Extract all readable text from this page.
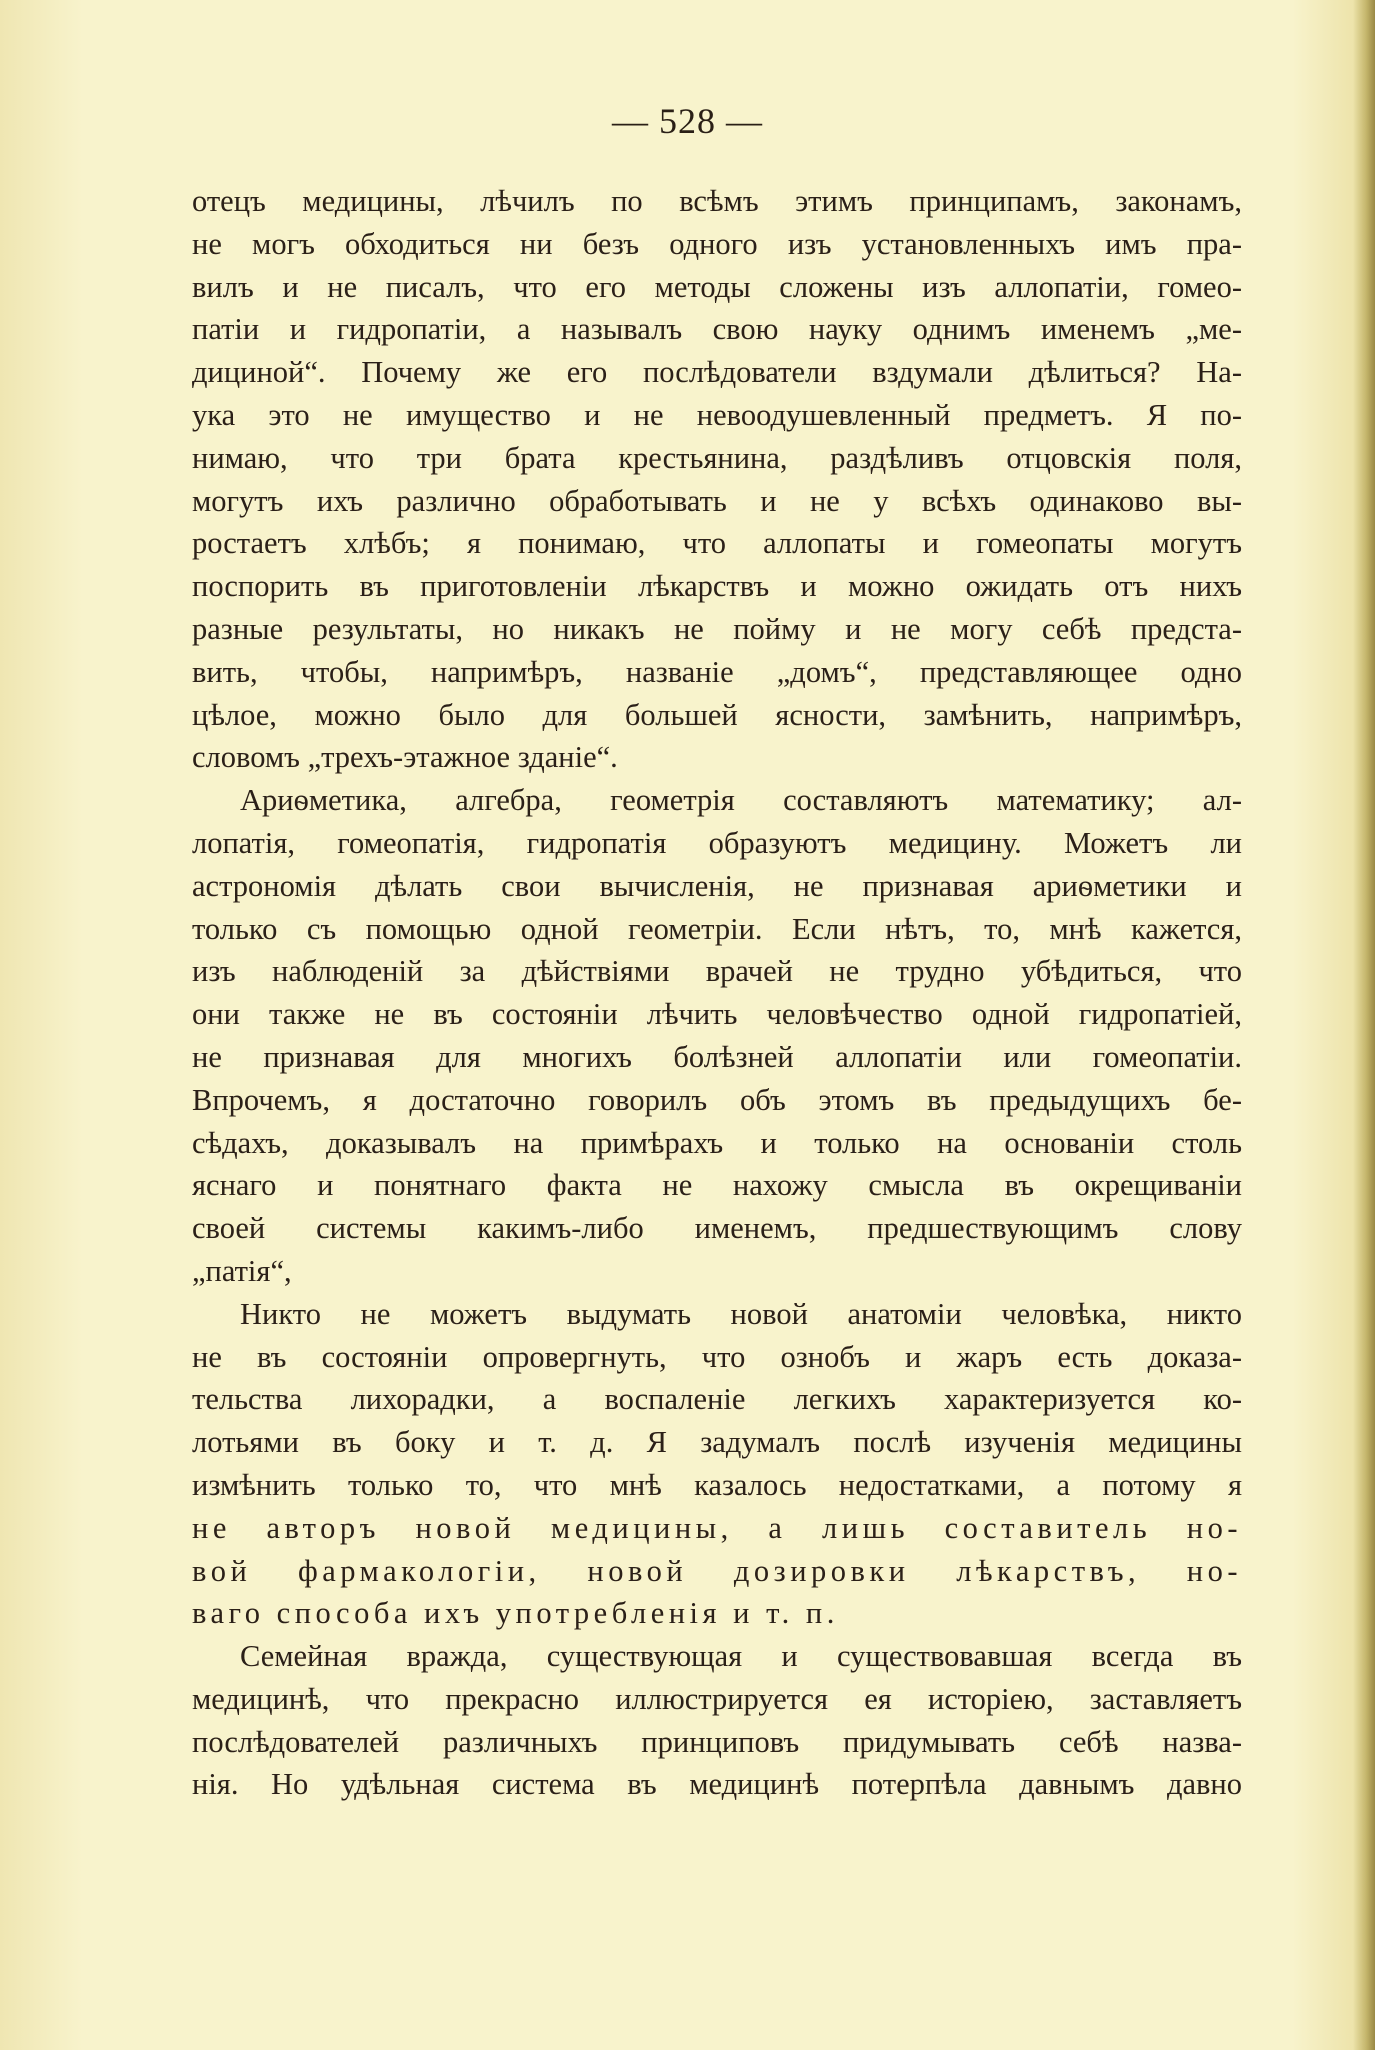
— 528 —
отецъ медицины, лѣчилъ по всѣмъ этимъ принципамъ, законамъ,
не могъ обходиться ни безъ одного изъ установленныхъ имъ пра-
вилъ и не писалъ, что его методы сложены изъ аллопатіи, гомео-
патіи и гидропатіи, а называлъ свою науку однимъ именемъ „ме-
дициной“. Почему же его послѣдователи вздумали дѣлиться? На-
ука это не имущество и не невоодушевленный предметъ. Я по-
нимаю, что три брата крестьянина, раздѣливъ отцовскія поля,
могутъ ихъ различно обработывать и не у всѣхъ одинаково вы-
ростаетъ хлѣбъ; я понимаю, что аллопаты и гомеопаты могутъ
поспорить въ приготовленіи лѣкарствъ и можно ожидать отъ нихъ
разные результаты, но никакъ не пойму и не могу себѣ предста-
вить, чтобы, напримѣръ, названіе „домъ“, представляющее одно
цѣлое, можно было для большей ясности, замѣнить, напримѣръ,
словомъ „трехъ-этажное зданіе“.
Ариѳметика, алгебра, геометрія составляютъ математику; ал-
лопатія, гомеопатія, гидропатія образуютъ медицину. Можетъ ли
астрономія дѣлать свои вычисленія, не признавая ариѳметики и
только съ помощью одной геометріи. Если нѣтъ, то, мнѣ кажется,
изъ наблюденій за дѣйствіями врачей не трудно убѣдиться, что
они также не въ состояніи лѣчить человѣчество одной гидропатіей,
не признавая для многихъ болѣзней аллопатіи или гомеопатіи.
Впрочемъ, я достаточно говорилъ объ этомъ въ предыдущихъ бе-
сѣдахъ, доказывалъ на примѣрахъ и только на основаніи столь
яснаго и понятнаго факта не нахожу смысла въ окрещиваніи
своей системы какимъ-либо именемъ, предшествующимъ слову
„патія“,
Никто не можетъ выдумать новой анатоміи человѣка, никто
не въ состояніи опровергнуть, что ознобъ и жаръ есть доказа-
тельства лихорадки, а воспаленіе легкихъ характеризуется ко-
лотьями въ боку и т. д. Я задумалъ послѣ изученія медицины
измѣнить только то, что мнѣ казалось недостатками, а потому я
не авторъ новой медицины, а лишь составитель но-
вой фармакологіи, новой дозировки лѣкарствъ, но-
ваго способа ихъ употребленія и т. п.
Семейная вражда, существующая и существовавшая всегда въ
медицинѣ, что прекрасно иллюстрируется ея исторіею, заставляетъ
послѣдователей различныхъ принциповъ придумывать себѣ назва-
нія. Но удѣльная система въ медицинѣ потерпѣла давнымъ давно
